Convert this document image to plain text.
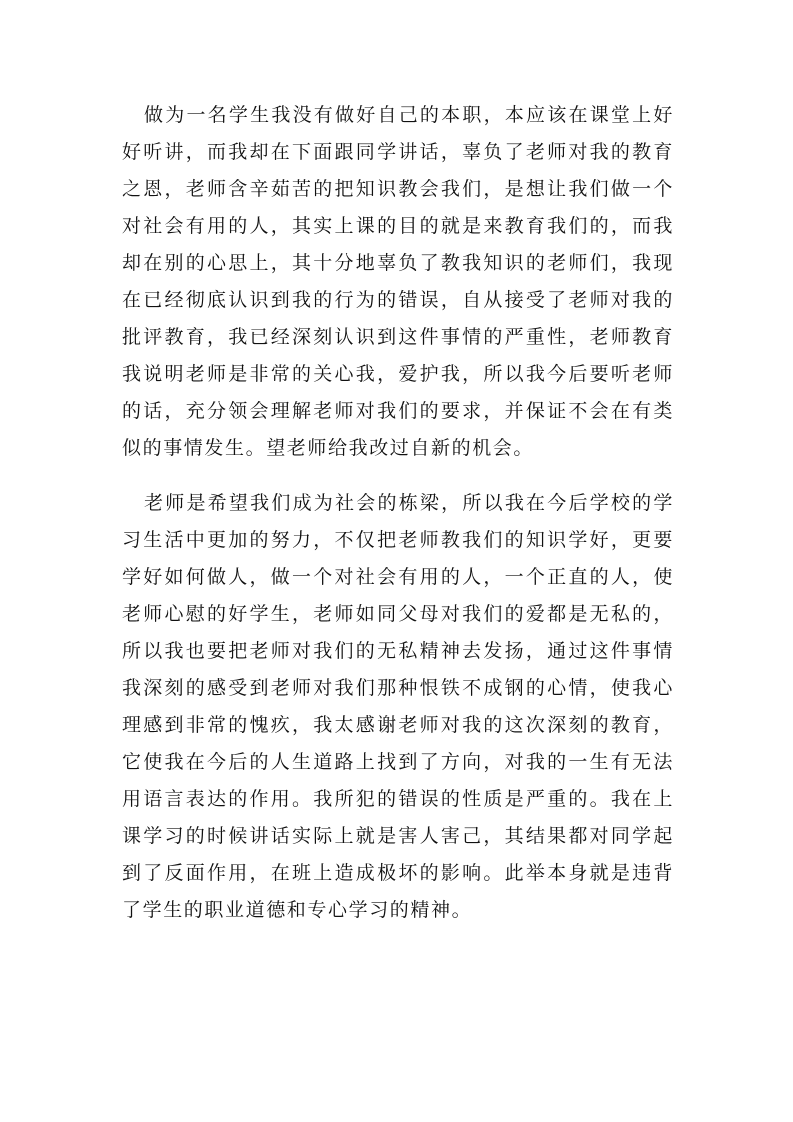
做为一名学生我没有做好自己的本职，本应该在课堂上好好听讲，而我却在下面跟同学讲话，辜负了老师对我的教育之恩，老师含辛茹苦的把知识教会我们，是想让我们做一个对社会有用的人，其实上课的目的就是来教育我们的，而我却在别的心思上，其十分地辜负了教我知识的老师们，我现在已经彻底认识到我的行为的错误，自从接受了老师对我的批评教育，我已经深刻认识到这件事情的严重性，老师教育我说明老师是非常的关心我，爱护我，所以我今后要听老师的话，充分领会理解老师对我们的要求，并保证不会在有类似的事情发生。望老师给我改过自新的机会。

老师是希望我们成为社会的栋梁，所以我在今后学校的学习生活中更加的努力，不仅把老师教我们的知识学好，更要学好如何做人，做一个对社会有用的人，一个正直的人，使老师心慰的好学生，老师如同父母对我们的爱都是无私的，所以我也要把老师对我们的无私精神去发扬，通过这件事情我深刻的感受到老师对我们那种恨铁不成钢的心情，使我心理感到非常的愧疚，我太感谢老师对我的这次深刻的教育，它使我在今后的人生道路上找到了方向，对我的一生有无法用语言表达的作用。我所犯的错误的性质是严重的。我在上课学习的时候讲话实际上就是害人害己，其结果都对同学起到了反面作用，在班上造成极坏的影响。此举本身就是违背了学生的职业道德和专心学习的精神。
